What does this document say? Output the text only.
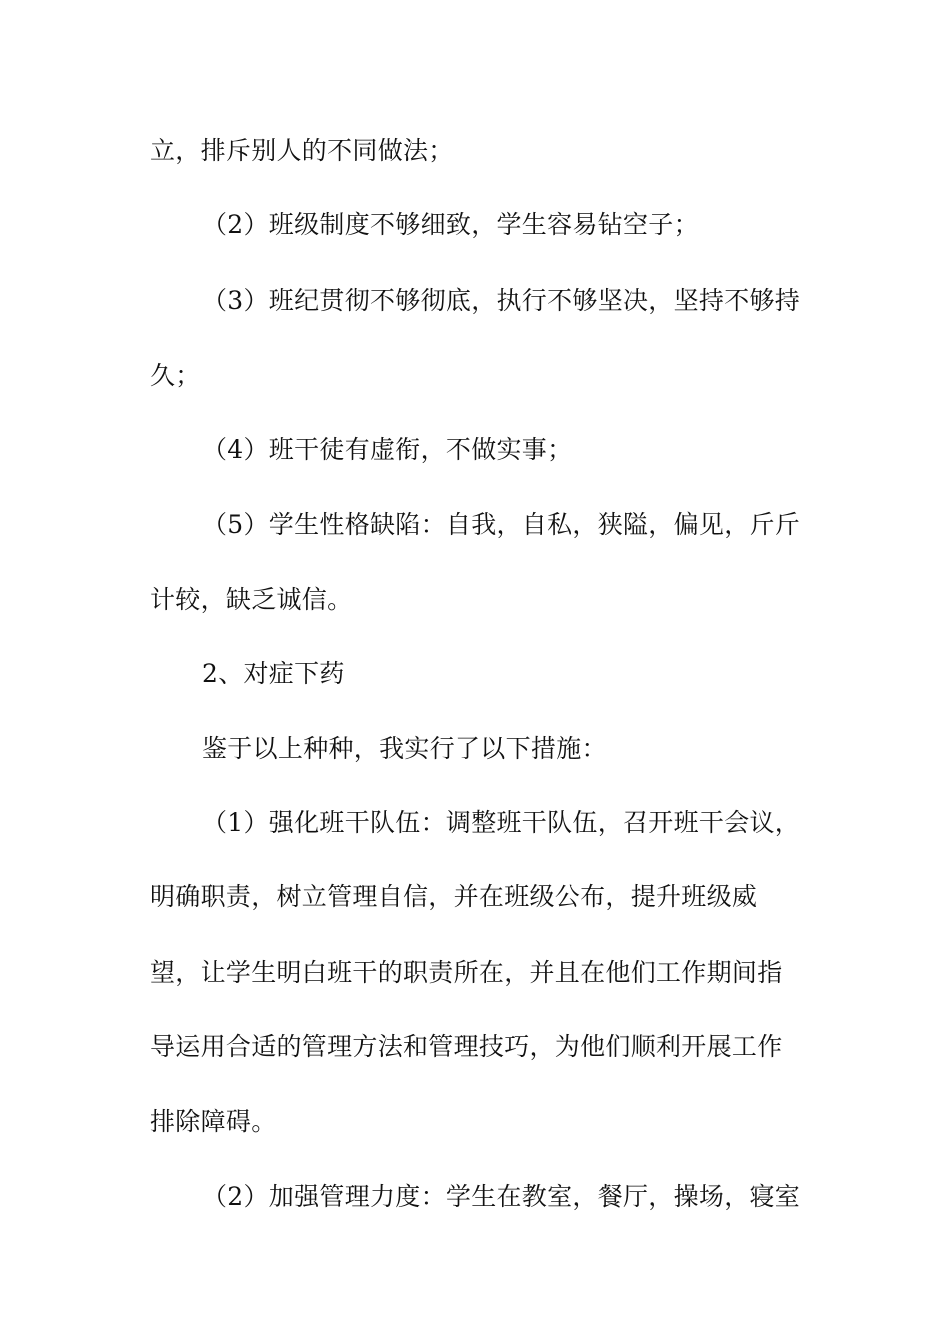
立，排斥别人的不同做法；
（2）班级制度不够细致，学生容易钻空子；
（3）班纪贯彻不够彻底，执行不够坚决，坚持不够持
久；
（4）班干徒有虚衔，不做实事；
（5）学生性格缺陷：自我，自私，狭隘，偏见，斤斤
计较，缺乏诚信。
2、对症下药
鉴于以上种种，我实行了以下措施：
（1）强化班干队伍：调整班干队伍，召开班干会议，
明确职责，树立管理自信，并在班级公布，提升班级威
望，让学生明白班干的职责所在，并且在他们工作期间指
导运用合适的管理方法和管理技巧，为他们顺利开展工作
排除障碍。
（2）加强管理力度：学生在教室，餐厅，操场，寝室
